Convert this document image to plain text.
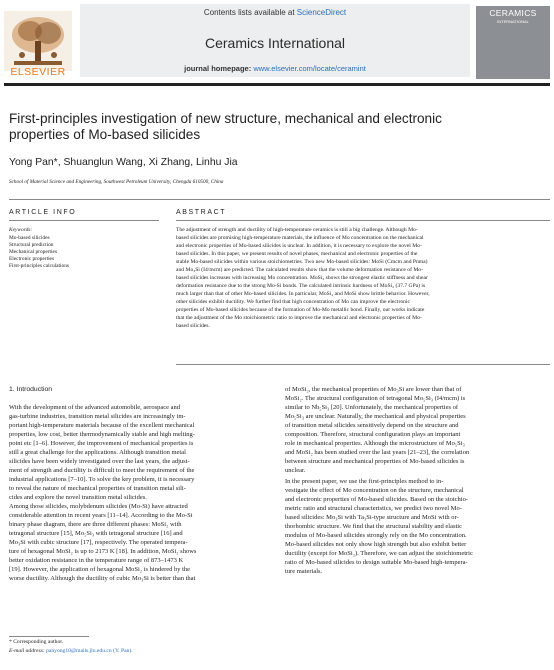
ELSEVIER
Contents lists available at ScienceDirect
Ceramics International
journal homepage: www.elsevier.com/locate/ceramint
CERAMICS
INTERNATIONAL
First-principles investigation of new structure, mechanical and electronic properties of Mo-based silicides
Yong Pan*, Shuanglun Wang, Xi Zhang, Linhu Jia
School of Material Science and Engineering, Southwest Petroleum University, Chengdu 610500, China
ARTICLE INFO
Keywords:
Mo-based silicides
Structural prediction
Mechanical properties
Electronic properties
First-principles calculations
ABSTRACT
The adjustment of strength and ductility of high-temperature ceramics is still a big challenge. Although Mo-
based silicides are promising high-temperature materials, the influence of Mo concentration on the mechanical
and electronic properties of Mo-based silicides is unclear. In addition, it is necessary to explore the novel Mo-
based silicides. In this paper, we present results of novel phases, mechanical and electronic properties of the
stable Mo-based silicides within various stoichiometries. Two new Mo-based silicides: MoSi (Cmcm and Pnma)
and Mo₃Si (I4/mcm) are predicted. The calculated results show that the volume deformation resistance of Mo-
based silicides increases with increasing Mo concentration. MoSi₂ shows the strongest elastic stiffness and shear
deformation resistance due to the strong Mo-Si bonds. The calculated intrinsic hardness of MoSi₂ (37.7 GPa) is
much larger than that of other Mo-based silicides. In particular, MoSi₂ and MoSi show brittle behavior. However,
other silicides exhibit ductility. We further find that high concentration of Mo can improve the electronic
properties of Mo-based silicides because of the formation of Mo-Mo metallic bond. Finally, our works indicate
that the adjustment of the Mo stoichiometric ratio to improve the mechanical and electronic properties of Mo-
based silicides.
1. Introduction
With the development of the advanced automobile, aerospace and
gas-turbine industries, transition metal silicides are increasingly im-
portant high-temperature materials because of the excellent mechanical
properties, low cost, better thermodynamically stable and high melting-
point etc [1–6]. However, the improvement of mechanical properties is
still a great challenge for the applications. Although transition metal
silicides have been widely investigated over the last years, the adjust-
ment of strength and ductility is difficult to meet the requirement of the
industrial applications [7–10]. To solve the key problem, it is necessary
to reveal the nature of mechanical properties of transition metal sili-
cides and explore the novel transition metal silicides.
Among those silicides, molybdenum silicides (Mo-Si) have attracted
considerable attention in recent years [11–14]. According to the Mo-Si
binary phase diagram, there are three different phases: MoSi₂ with
tetragonal structure [15], Mo₅Si₃ with tetragonal structure [16] and
Mo₃Si with cubic structure [17], respectively. The operated tempera-
ture of hexagonal MoSi₂ is up to 2173 K [18]. In addition, MoSi₂ shows
better oxidation resistance in the temperature range of 873–1473 K
[19]. However, the application of hexagonal MoSi₂ is hindered by the
worse ductility. Although the ductility of cubic Mo₃Si is better than that
of MoSi₂, the mechanical properties of Mo₃Si are lower than that of
MoSi₂. The structural configuration of tetragonal Mo₅Si₃ (I4/mcm) is
similar to Nb₅Si₃ [20]. Unfortunately, the mechanical properties of
Mo₅Si₃ are unclear. Naturally, the mechanical and physical properties
of transition metal silicides sensitively depend on the structure and
composition. Therefore, structural configuration plays an important
role in mechanical properties. Although the microstructure of Mo₅Si₃
and MoSi₂ has been studied over the last years [21–23], the correlation
between structure and mechanical properties of Mo-based silicides is
unclear.
In the present paper, we use the first-principles method to in-
vestigate the effect of Mo concentration on the structure, mechanical
and electronic properties of Mo-based silicides. Based on the stoichio-
metric ratio and structural characteristics, we predict two novel Mo-
based silicides: Mo₃Si with Ta₃Si-type structure and MoSi with or-
thorhombic structure. We find that the structural stability and elastic
modulus of Mo-based silicides strongly rely on the Mo concentration.
Mo-based silicides not only show high strength but also exhibit better
ductility (except for MoSi₂). Therefore, we can adjust the stoichiometric
ratio of Mo-based silicides to design suitable Mo-based high-tempera-
ture materials.
* Corresponding author.
E-mail address: panyong10@mails.jlu.edu.cn (Y. Pan).
